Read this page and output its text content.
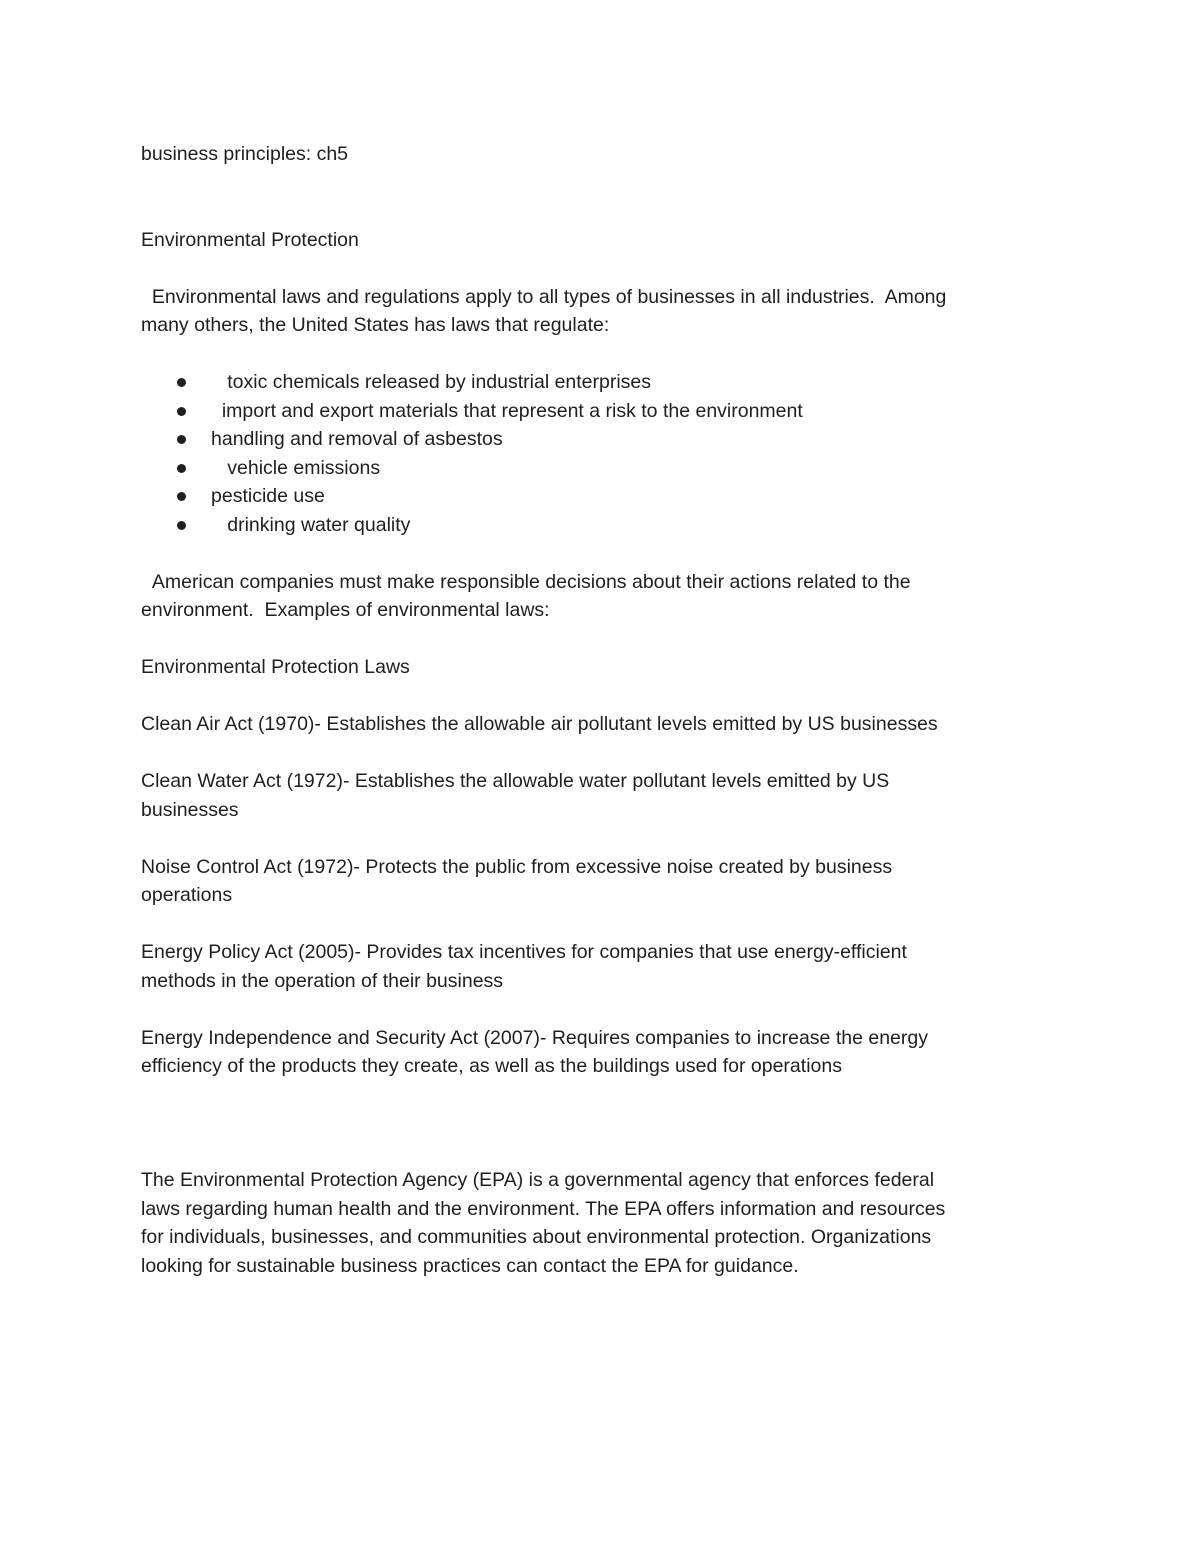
business principles: ch5

Environmental Protection

Environmental laws and regulations apply to all types of businesses in all industries.  Among

many others, the United States has laws that regulate:

toxic chemicals released by industrial enterprises
import and export materials that represent a risk to the environment
handling and removal of asbestos
vehicle emissions
pesticide use
drinking water quality

American companies must make responsible decisions about their actions related to the

environment.  Examples of environmental laws:

Environmental Protection Laws

Clean Air Act (1970)- Establishes the allowable air pollutant levels emitted by US businesses

Clean Water Act (1972)- Establishes the allowable water pollutant levels emitted by US

businesses

Noise Control Act (1972)- Protects the public from excessive noise created by business

operations

Energy Policy Act (2005)- Provides tax incentives for companies that use energy-efficient

methods in the operation of their business

Energy Independence and Security Act (2007)- Requires companies to increase the energy

efficiency of the products they create, as well as the buildings used for operations

The Environmental Protection Agency (EPA) is a governmental agency that enforces federal

laws regarding human health and the environment. The EPA offers information and resources

for individuals, businesses, and communities about environmental protection. Organizations

looking for sustainable business practices can contact the EPA for guidance.
